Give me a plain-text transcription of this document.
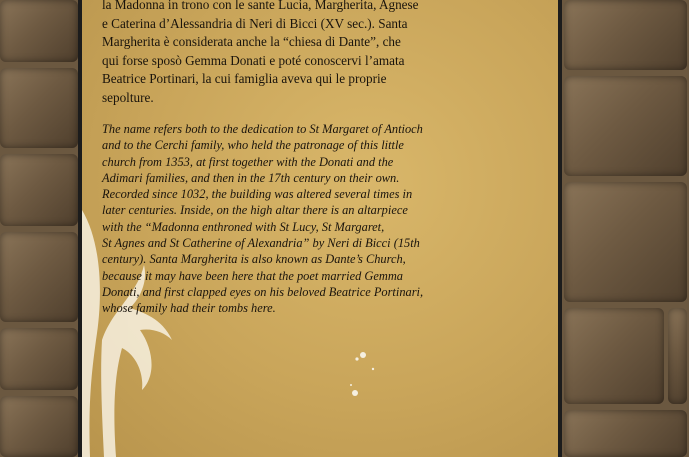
la Madonna in trono con le sante Lucia, Margherita, Agnese
e Caterina d’Alessandria di Neri di Bicci (XV sec.). Santa
Margherita è considerata anche la “chiesa di Dante”, che
qui forse sposò Gemma Donati e poté conoscervi l’amata
Beatrice Portinari, la cui famiglia aveva qui le proprie
sepolture.
The name refers both to the dedication to St Margaret of Antioch
and to the Cerchi family, who held the patronage of this little
church from 1353, at first together with the Donati and the
Adimari families, and then in the 17th century on their own.
Recorded since 1032, the building was altered several times in
later centuries. Inside, on the high altar there is an altarpiece
with the “Madonna enthroned with St Lucy, St Margaret,
St Agnes and St Catherine of Alexandria” by Neri di Bicci (15th
century). Santa Margherita is also known as Dante’s Church,
because it may have been here that the poet married Gemma
Donati, and first clapped eyes on his beloved Beatrice Portinari,
whose family had their tombs here.
